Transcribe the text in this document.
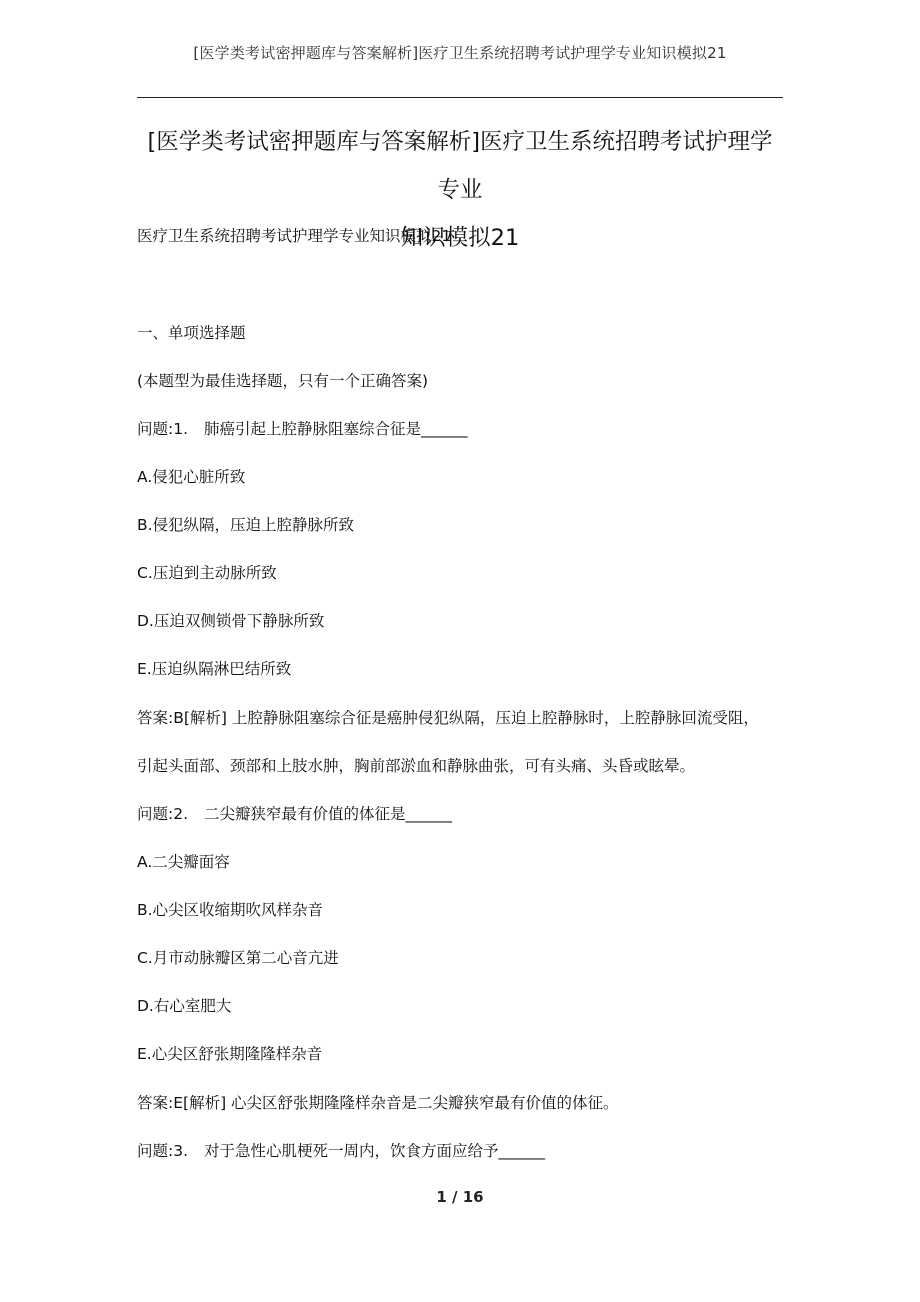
[医学类考试密押题库与答案解析]医疗卫生系统招聘考试护理学专业知识模拟21
[医学类考试密押题库与答案解析]医疗卫生系统招聘考试护理学专业
知识模拟21
医疗卫生系统招聘考试护理学专业知识模拟21
一、单项选择题
(本题型为最佳选择题，只有一个正确答案)
问题:1. 肺癌引起上腔静脉阻塞综合征是______
A.侵犯心脏所致
B.侵犯纵隔，压迫上腔静脉所致
C.压迫到主动脉所致
D.压迫双侧锁骨下静脉所致
E.压迫纵隔淋巴结所致
答案:B[解析] 上腔静脉阻塞综合征是癌肿侵犯纵隔，压迫上腔静脉时，上腔静脉回流受阻，
引起头面部、颈部和上肢水肿，胸前部淤血和静脉曲张，可有头痛、头昏或眩晕。
问题:2. 二尖瓣狭窄最有价值的体征是______
A.二尖瓣面容
B.心尖区收缩期吹风样杂音
C.月市动脉瓣区第二心音亢进
D.右心室肥大
E.心尖区舒张期隆隆样杂音
答案:E[解析] 心尖区舒张期隆隆样杂音是二尖瓣狭窄最有价值的体征。
问题:3. 对于急性心肌梗死一周内，饮食方面应给予______
1 / 16
